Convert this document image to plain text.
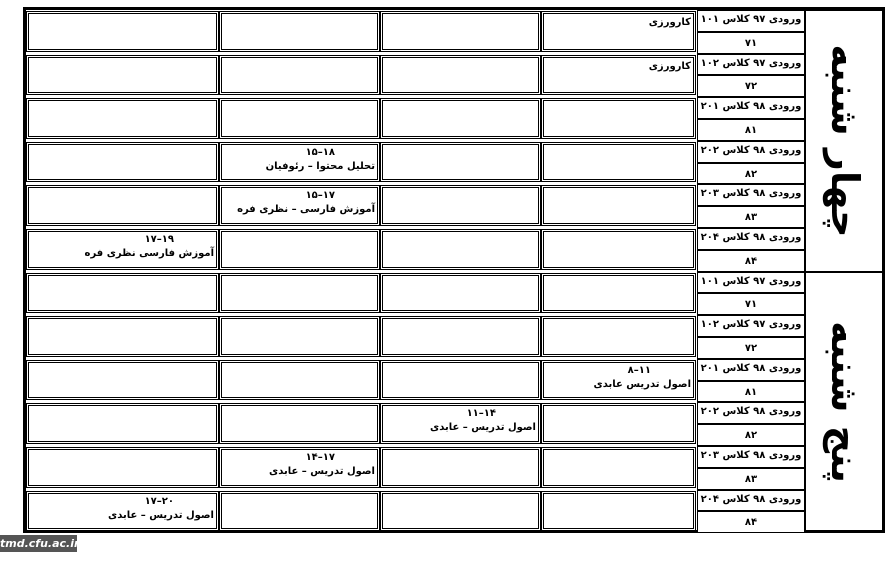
چهار شنبه
کارورزی ورودی ۹۷ کلاس ۱۰۱
۷۱
کارورزی ورودی ۹۷ کلاس ۱۰۲
۷۲
ورودی ۹۸ کلاس ۲۰۱
۸۱
۱۸–۱۵
تحلیل محتوا – رئوفیان
ورودی ۹۸ کلاس ۲۰۲
۸۲
۱۷–۱۵
آموزش فارسی – نظری فره
ورودی ۹۸ کلاس ۲۰۳
۸۳
۱۹–۱۷
آموزش فارسی نظری فره
ورودی ۹۸ کلاس ۲۰۴
۸۴
پنج شنبه
ورودی ۹۷ کلاس ۱۰۱
۷۱
ورودی ۹۷ کلاس ۱۰۲
۷۲
۱۱–۸
اصول تدریس عابدی
ورودی ۹۸ کلاس ۲۰۱
۸۱
۱۴–۱۱
اصول تدریس – عابدی
ورودی ۹۸ کلاس ۲۰۲
۸۲
۱۷–۱۴
اصول تدریس – عابدی
ورودی ۹۸ کلاس ۲۰۳
۸۳
۲۰–۱۷
اصول تدریس – عابدی
ورودی ۹۸ کلاس ۲۰۴
۸۴
tmd.cfu.ac.ir
